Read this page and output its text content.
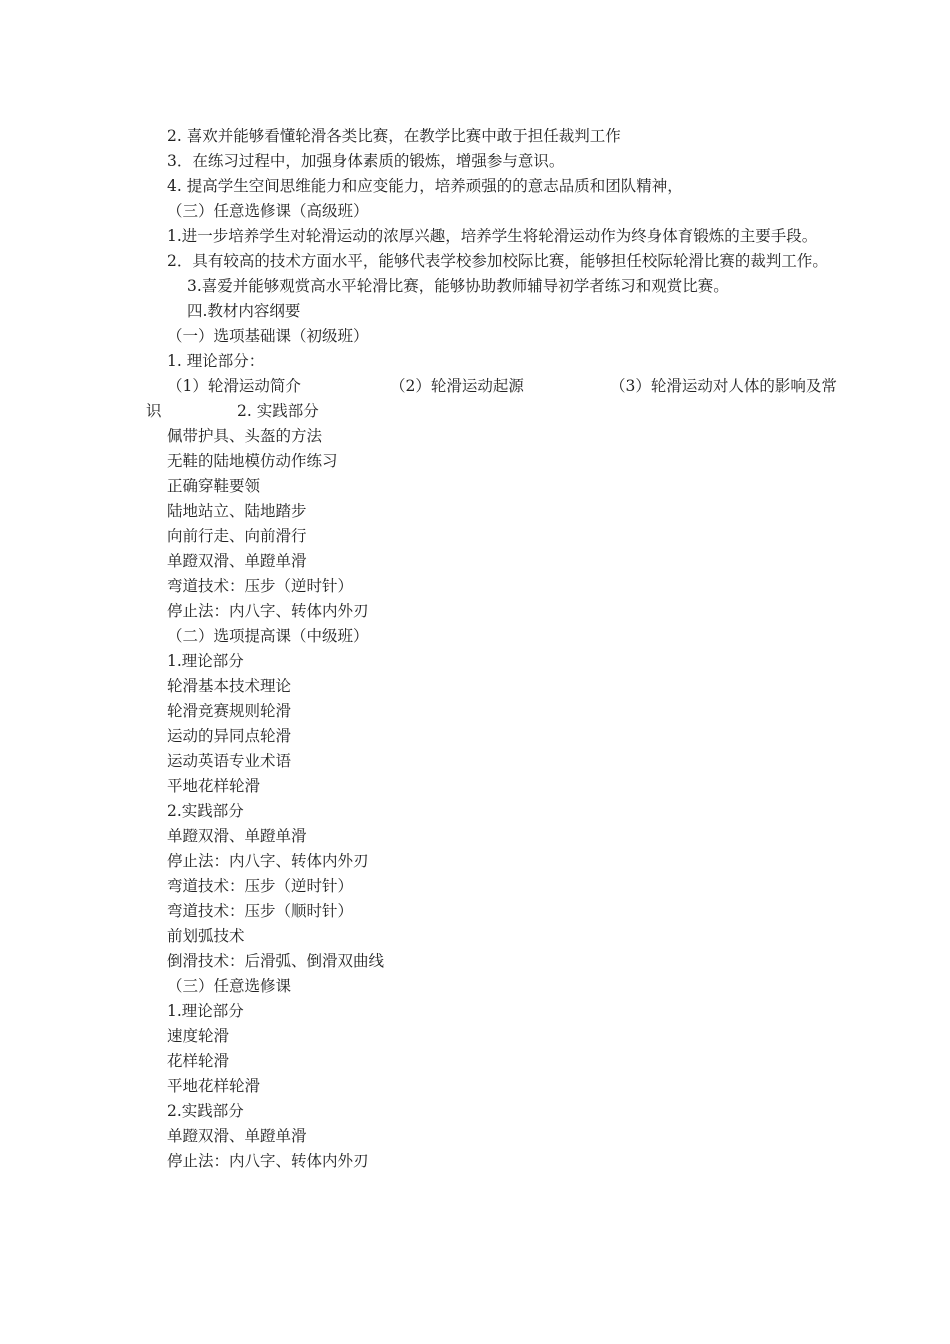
2. 喜欢并能够看懂轮滑各类比赛，在教学比赛中敢于担任裁判工作
3．在练习过程中，加强身体素质的锻炼，增强参与意识。
4. 提高学生空间思维能力和应变能力，培养顽强的的意志品质和团队精神，
（三）任意选修课（高级班）
1.进一步培养学生对轮滑运动的浓厚兴趣，培养学生将轮滑运动作为终身体育锻炼的主要手段。
2．具有较高的技术方面水平，能够代表学校参加校际比赛，能够担任校际轮滑比赛的裁判工作。
3.喜爱并能够观赏高水平轮滑比赛，能够协助教师辅导初学者练习和观赏比赛。
四.教材内容纲要
（一）选项基础课（初级班）
1. 理论部分：
（1）轮滑运动简介	（2）轮滑运动起源	（3）轮滑运动对人体的影响及常
识	2. 实践部分
佩带护具、头盔的方法
无鞋的陆地模仿动作练习
正确穿鞋要领
陆地站立、陆地踏步
向前行走、向前滑行
单蹬双滑、单蹬单滑
弯道技术：压步（逆时针）
停止法：内八字、转体内外刃
（二）选项提高课（中级班）
1.理论部分
轮滑基本技术理论
轮滑竞赛规则轮滑
运动的异同点轮滑
运动英语专业术语
平地花样轮滑
2.实践部分
单蹬双滑、单蹬单滑
停止法：内八字、转体内外刃
弯道技术：压步（逆时针）
弯道技术：压步（顺时针）
前划弧技术
倒滑技术：后滑弧、倒滑双曲线
（三）任意选修课
1.理论部分
速度轮滑
花样轮滑
平地花样轮滑
2.实践部分
单蹬双滑、单蹬单滑
停止法：内八字、转体内外刃
